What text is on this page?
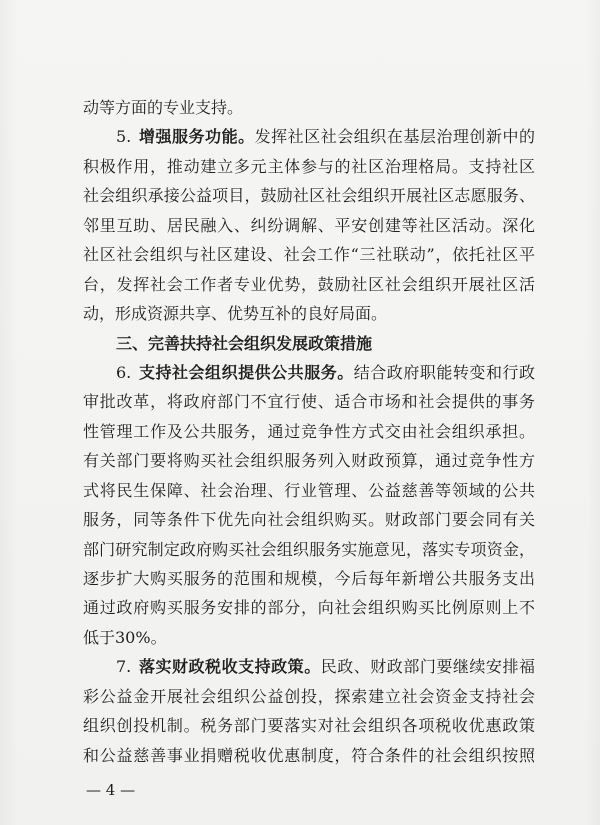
动等方面的专业支持。
5. 增强服务功能。发挥社区社会组织在基层治理创新中的
积极作用，推动建立多元主体参与的社区治理格局。支持社区
社会组织承接公益项目，鼓励社区社会组织开展社区志愿服务、
邻里互助、居民融入、纠纷调解、平安创建等社区活动。深化
社区社会组织与社区建设、社会工作“三社联动”，依托社区平
台，发挥社会工作者专业优势，鼓励社区社会组织开展社区活
动，形成资源共享、优势互补的良好局面。
三、完善扶持社会组织发展政策措施
6. 支持社会组织提供公共服务。结合政府职能转变和行政
审批改革，将政府部门不宜行使、适合市场和社会提供的事务
性管理工作及公共服务，通过竞争性方式交由社会组织承担。
有关部门要将购买社会组织服务列入财政预算，通过竞争性方
式将民生保障、社会治理、行业管理、公益慈善等领域的公共
服务，同等条件下优先向社会组织购买。财政部门要会同有关
部门研究制定政府购买社会组织服务实施意见，落实专项资金，
逐步扩大购买服务的范围和规模，今后每年新增公共服务支出
通过政府购买服务安排的部分，向社会组织购买比例原则上不
低于30%。
7. 落实财政税收支持政策。民政、财政部门要继续安排福
彩公益金开展社会组织公益创投，探索建立社会资金支持社会
组织创投机制。税务部门要落实对社会组织各项税收优惠政策
和公益慈善事业捐赠税收优惠制度，符合条件的社会组织按照
— 4 —
